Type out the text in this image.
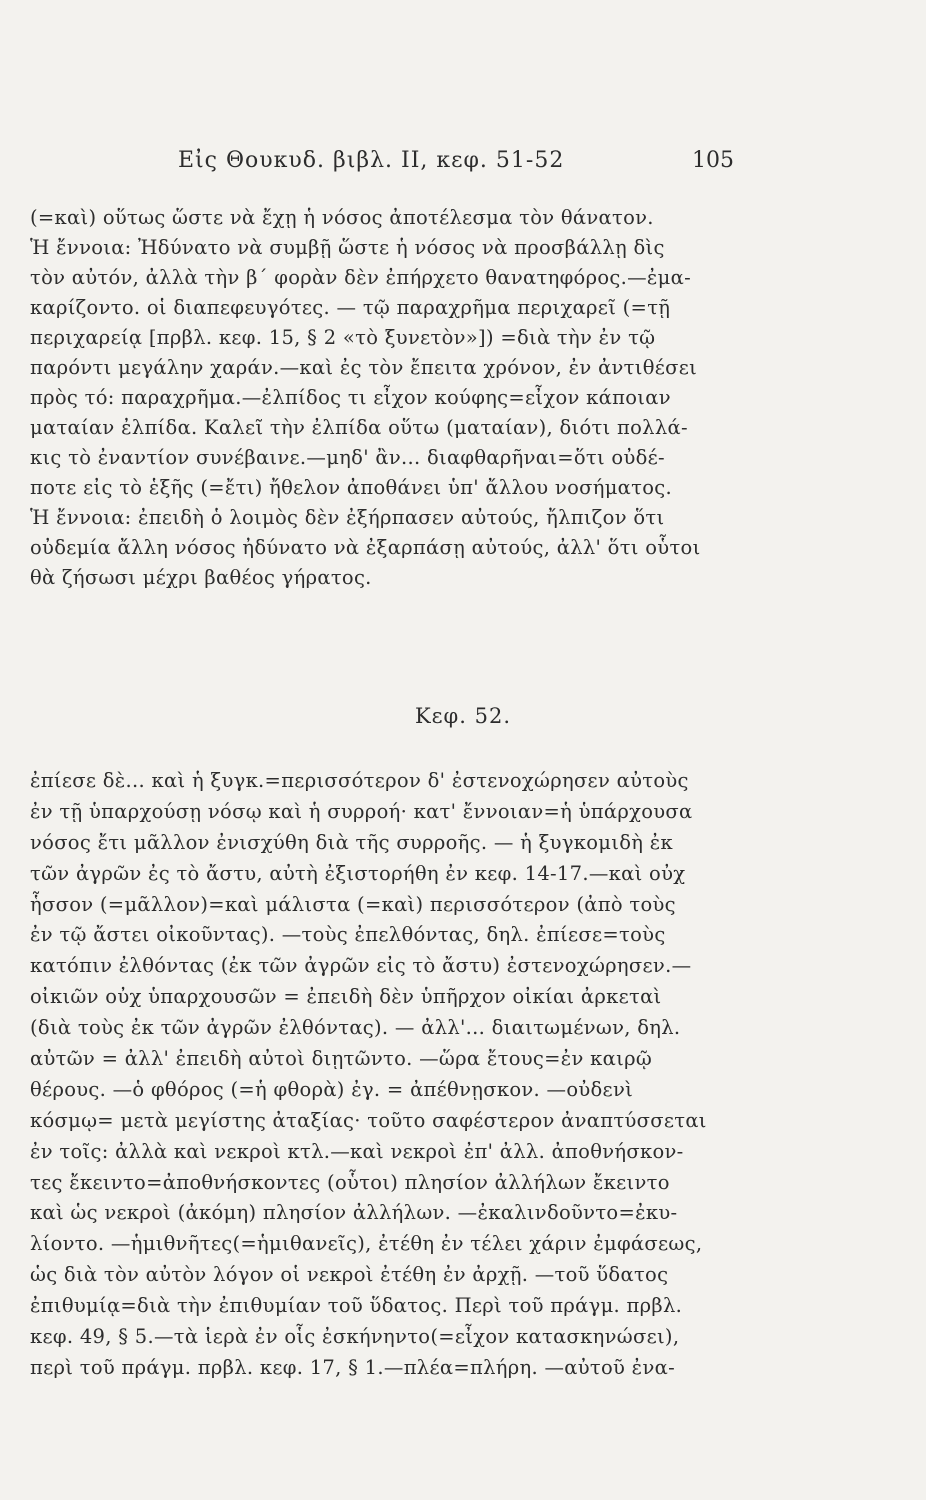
Εἰς Θουκυδ. βιβλ. ΙΙ, κεφ. 51-52	105
(=καὶ) οὕτως ὥστε νὰ ἔχῃ ἡ νόσος ἀποτέλεσμα τὸν θάνατον.
Ἡ ἔννοια: Ἠδύνατο νὰ συμβῇ ὥστε ἡ νόσος νὰ προσβάλλῃ δὶς
τὸν αὐτόν, ἀλλὰ τὴν β΄ φορὰν δὲν ἐπήρχετο θανατηφόρος.—ἐμα-
καρίζοντο. οἱ διαπεφευγότες. — τῷ παραχρῆμα περιχαρεῖ (=τῇ
περιχαρείᾳ [πρβλ. κεφ. 15, § 2 «τὸ ξυνετὸν»]) =διὰ τὴν ἐν τῷ
παρόντι μεγάλην χαράν.—καὶ ἐς τὸν ἔπειτα χρόνον, ἐν ἀντιθέσει
πρὸς τό: παραχρῆμα.—ἐλπίδος τι εἶχον κούφης=εἶχον κάποιαν
ματαίαν ἐλπίδα. Καλεῖ τὴν ἐλπίδα οὕτω (ματαίαν), διότι πολλά-
κις τὸ ἐναντίον συνέβαινε.—μηδ' ἂν... διαφθαρῆναι=ὅτι οὐδέ-
ποτε εἰς τὸ ἑξῆς (=ἔτι) ἤθελον ἀποθάνει ὑπ' ἄλλου νοσήματος.
Ἡ ἔννοια: ἐπειδὴ ὁ λοιμὸς δὲν ἐξήρπασεν αὐτούς, ἤλπιζον ὅτι
οὐδεμία ἄλλη νόσος ἠδύνατο νὰ ἐξαρπάσῃ αὐτούς, ἀλλ' ὅτι οὗτοι
θὰ ζήσωσι μέχρι βαθέος γήρατος.
Κεφ. 52.
ἐπίεσε δὲ... καὶ ἡ ξυγκ.=περισσότερον δ' ἐστενοχώρησεν αὐτοὺς
ἐν τῇ ὑπαρχούσῃ νόσῳ καὶ ἡ συρροή· κατ' ἔννοιαν=ἡ ὑπάρχουσα
νόσος ἔτι μᾶλλον ἐνισχύθη διὰ τῆς συρροῆς. — ἡ ξυγκομιδὴ ἐκ
τῶν ἀγρῶν ἐς τὸ ἄστυ, αὐτὴ ἐξιστορήθη ἐν κεφ. 14-17.—καὶ οὐχ
ἧσσον (=μᾶλλον)=καὶ μάλιστα (=καὶ) περισσότερον (ἀπὸ τοὺς
ἐν τῷ ἄστει οἰκοῦντας). —τοὺς ἐπελθόντας, δηλ. ἐπίεσε=τοὺς
κατόπιν ἐλθόντας (ἐκ τῶν ἀγρῶν εἰς τὸ ἄστυ) ἐστενοχώρησεν.—
οἰκιῶν οὐχ ὑπαρχουσῶν = ἐπειδὴ δὲν ὑπῆρχον οἰκίαι ἀρκεταὶ
(διὰ τοὺς ἐκ τῶν ἀγρῶν ἐλθόντας). — ἀλλ'... διαιτωμένων, δηλ.
αὐτῶν = ἀλλ' ἐπειδὴ αὐτοὶ διῃτῶντο. —ὥρα ἔτους=ἐν καιρῷ
θέρους. —ὁ φθόρος (=ἡ φθορὰ) ἐγ. = ἀπέθνῃσκον. —οὐδενὶ
κόσμῳ= μετὰ μεγίστης ἀταξίας· τοῦτο σαφέστερον ἀναπτύσσεται
ἐν τοῖς: ἀλλὰ καὶ νεκροὶ κτλ.—καὶ νεκροὶ ἐπ' ἀλλ. ἀποθνήσκον-
τες ἔκειντο=ἀποθνήσκοντες (οὗτοι) πλησίον ἀλλήλων ἔκειντο
καὶ ὡς νεκροὶ (ἀκόμη) πλησίον ἀλλήλων. —ἐκαλινδοῦντο=ἐκυ-
λίοντο. —ἡμιθνῆτες(=ἡμιθανεῖς), ἐτέθη ἐν τέλει χάριν ἐμφάσεως,
ὡς διὰ τὸν αὐτὸν λόγον οἱ νεκροὶ ἐτέθη ἐν ἀρχῇ. —τοῦ ὕδατος
ἐπιθυμίᾳ=διὰ τὴν ἐπιθυμίαν τοῦ ὕδατος. Περὶ τοῦ πράγμ. πρβλ.
κεφ. 49, § 5.—τὰ ἱερὰ ἐν οἷς ἐσκήνηντο(=εἶχον κατασκηνώσει),
περὶ τοῦ πράγμ. πρβλ. κεφ. 17, § 1.—πλέα=πλήρη. —αὐτοῦ ἐνα-
